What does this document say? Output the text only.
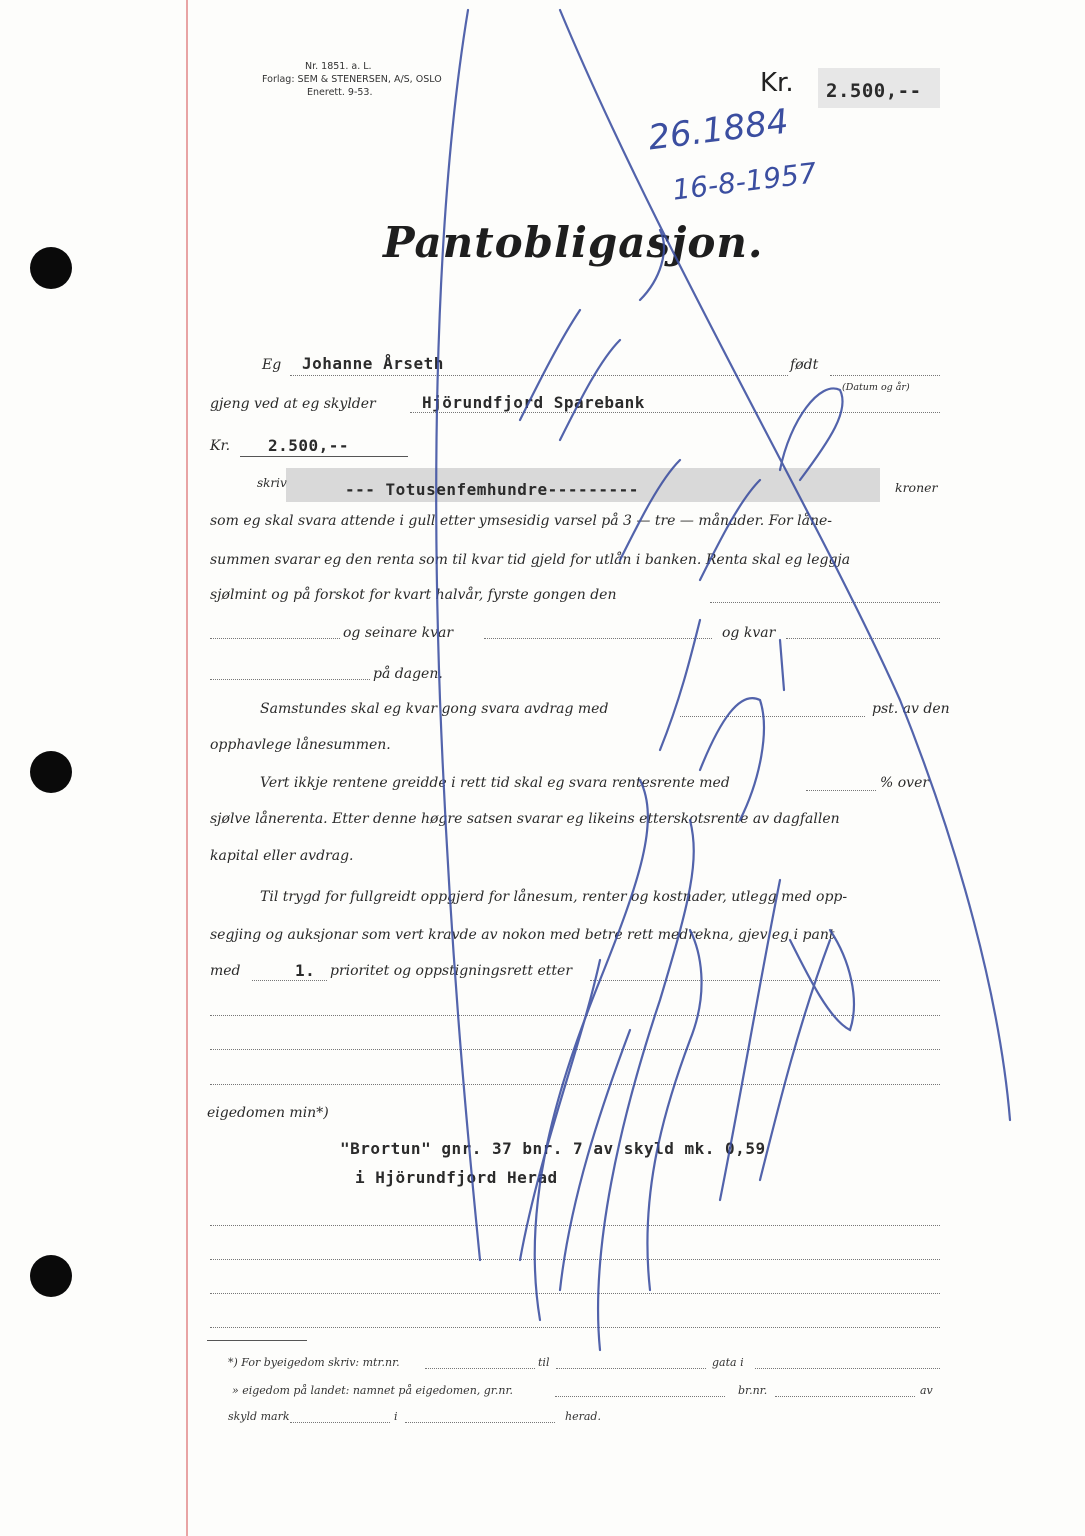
Nr. 1851. a. L.
Forlag: SEM & STENERSEN, A/S, OSLO
Enerett. 9-53.	Kr. 2.500,--
26.1884
16-8-1957
Pantobligasjon.
Eg Johanne Årseth	født
(Datum og år)
gjeng ved at eg skylder	Hjörundfjord Sparebank
Kr. 2.500,--
skriv	--- Totusenfemhundre---------	kroner
som eg skal svara attende i gull etter ymsesidig varsel på 3 — tre — månader. For låne-
summen svarar eg den renta som til kvar tid gjeld for utlån i banken. Renta skal eg leggja
sjølmint og på forskot for kvart halvår, fyrste gongen den
og seinare kvar	og kvar
på dagen.
Samstundes skal eg kvar gong svara avdrag med	pst. av den
opphavlege lånesummen.
Vert ikkje rentene greidde i rett tid skal eg svara rentesrente med	% over
sjølve lånerenta. Etter denne høgre satsen svarar eg likeins etterskotsrente av dagfallen
kapital eller avdrag.
Til trygd for fullgreidt oppgjerd for lånesum, renter og kostnader, utlegg med opp-
segjing og auksjonar som vert kravde av nokon med betre rett medrekna, gjev eg i pant
med	1. prioritet og oppstigningsrett etter
eigedomen min*)
"Brortun" gnr. 37 bnr. 7 av skyld mk. 0,59
i Hjörundfjord Herad
*) For byeigedom skriv: mtr.nr.	til	gata i
» eigedom på landet: namnet på eigedomen, gr.nr.	br.nr.	av
skyld mark	i	herad.
